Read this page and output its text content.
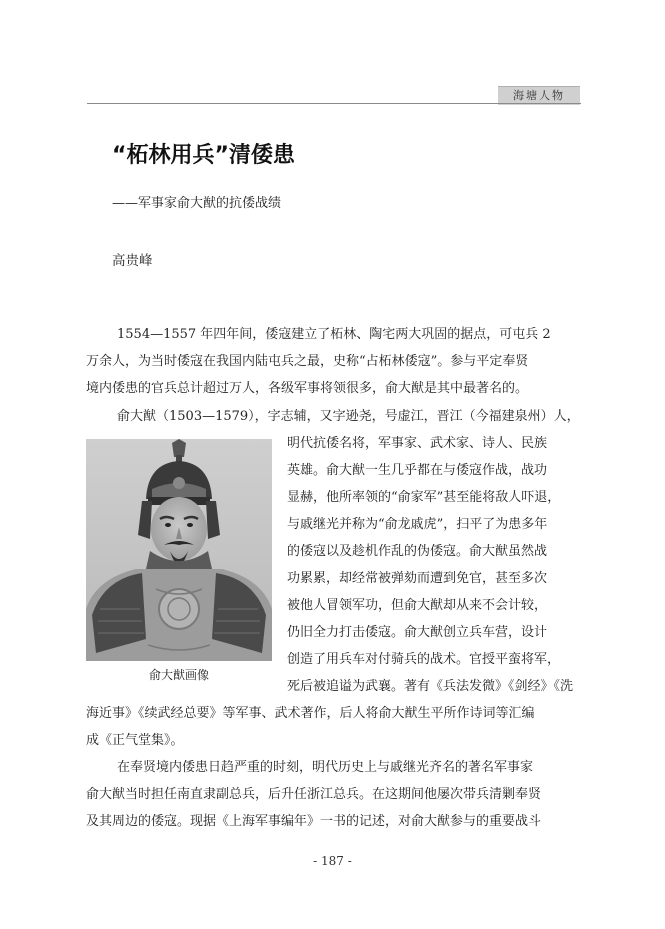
海塘人物
“柘林用兵”清倭患
——军事家俞大猷的抗倭战绩
高贵峰
1554—1557 年四年间，倭寇建立了柘林、陶宅两大巩固的据点，可屯兵 2
万余人，为当时倭寇在我国内陆屯兵之最，史称“占柘林倭寇”。参与平定奉贤
境内倭患的官兵总计超过万人，各级军事将领很多，俞大猷是其中最著名的。
俞大猷（1503—1579），字志辅，又字逊尧，号虚江，晋江（今福建泉州）人，
明代抗倭名将，军事家、武术家、诗人、民族
英雄。俞大猷一生几乎都在与倭寇作战，战功
显赫，他所率领的“俞家军”甚至能将敌人吓退，
与戚继光并称为“俞龙戚虎”，扫平了为患多年
的倭寇以及趁机作乱的伪倭寇。俞大猷虽然战
功累累，却经常被弹劾而遭到免官，甚至多次
被他人冒领军功，但俞大猷却从来不会计较，
仍旧全力打击倭寇。俞大猷创立兵车营，设计
创造了用兵车对付骑兵的战术。官授平蛮将军，
死后被追谥为武襄。著有《兵法发微》《剑经》《洗
海近事》《续武经总要》等军事、武术著作，后人将俞大猷生平所作诗词等汇编
成《正气堂集》。
在奉贤境内倭患日趋严重的时刻，明代历史上与戚继光齐名的著名军事家
俞大猷当时担任南直隶副总兵，后升任浙江总兵。在这期间他屡次带兵清剿奉贤
及其周边的倭寇。现据《上海军事编年》一书的记述，对俞大猷参与的重要战斗
俞大猷画像
- 187 -
